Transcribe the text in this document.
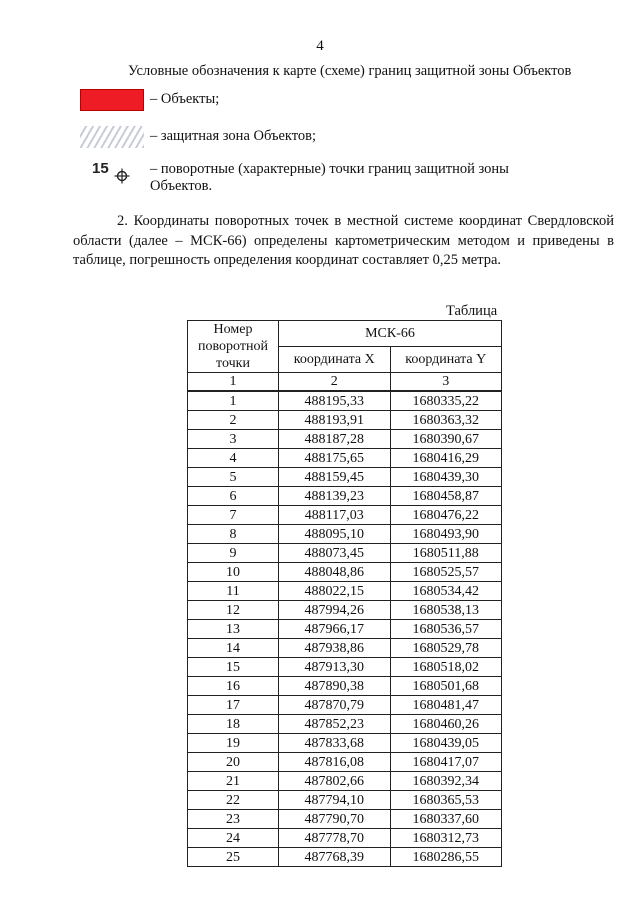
4
Условные обозначения к карте (схеме) границ защитной зоны Объектов
– Объекты;
– защитная зона Объектов;
15	– поворотные (характерные) точки границ защитной зоны Объектов.
2. Координаты поворотных точек в местной системе координат Свердловской области (далее – МСК-66) определены картометрическим методом и приведены в таблице, погрешность определения координат составляет 0,25 метра.
Таблица
Номер поворотной точки	МСК-66	
	координата X	координата Y
1	2	3
1	488195,33	1680335,22
2	488193,91	1680363,32
3	488187,28	1680390,67
4	488175,65	1680416,29
5	488159,45	1680439,30
6	488139,23	1680458,87
7	488117,03	1680476,22
8	488095,10	1680493,90
9	488073,45	1680511,88
10	488048,86	1680525,57
11	488022,15	1680534,42
12	487994,26	1680538,13
13	487966,17	1680536,57
14	487938,86	1680529,78
15	487913,30	1680518,02
16	487890,38	1680501,68
17	487870,79	1680481,47
18	487852,23	1680460,26
19	487833,68	1680439,05
20	487816,08	1680417,07
21	487802,66	1680392,34
22	487794,10	1680365,53
23	487790,70	1680337,60
24	487778,70	1680312,73
25	487768,39	1680286,55
